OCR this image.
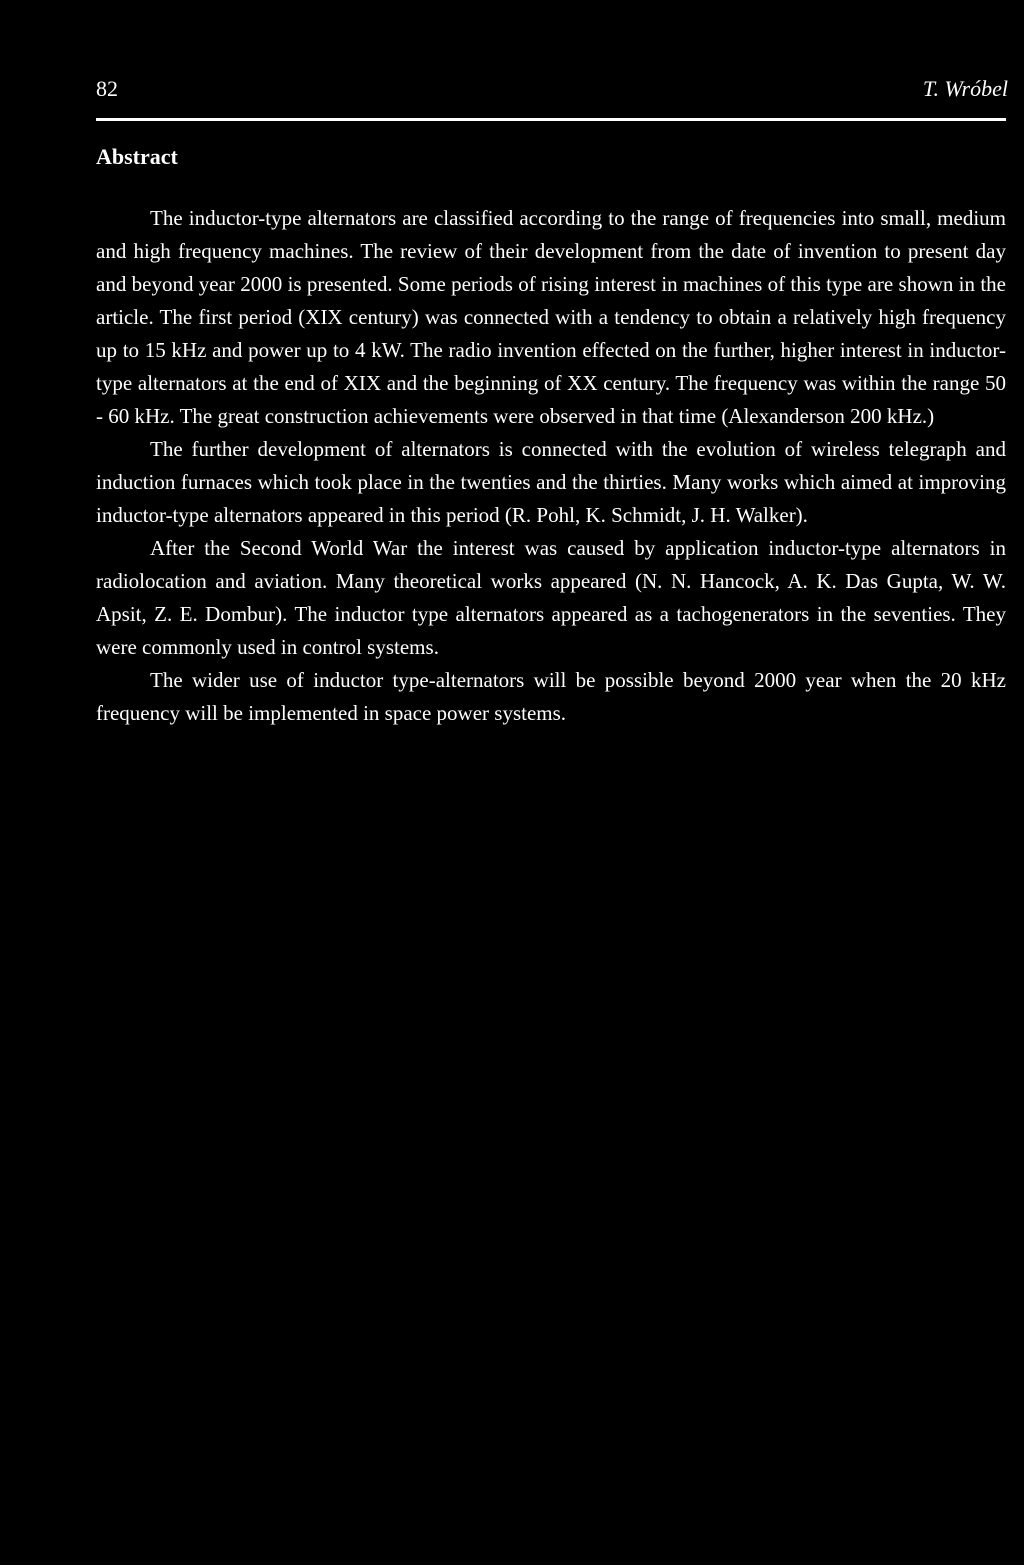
82	T. Wróbel
Abstract

The inductor-type alternators are classified according to the range of frequencies into small, medium and high frequency machines. The review of their development from the date of invention to present day and beyond year 2000 is presented. Some periods of rising interest in machines of this type are shown in the article. The first period (XIX century) was connected with a tendency to obtain a relatively high frequency up to 15 kHz and power up to 4 kW. The radio invention effected on the further, higher interest in inductor-type alternators at the end of XIX and the beginning of XX century. The frequency was within the range 50 - 60 kHz. The great construction achievements were observed in that time (Alexanderson 200 kHz.)

The further development of alternators is connected with the evolution of wireless telegraph and induction furnaces which took place in the twenties and the thirties. Many works which aimed at improving inductor-type alternators appeared in this period (R. Pohl, K. Schmidt, J. H. Walker).

After the Second World War the interest was caused by application inductor-type alternators in radiolocation and aviation. Many theoretical works appeared (N. N. Hancock, A. K. Das Gupta, W. W. Apsit, Z. E. Dombur). The inductor type alternators appeared as a tachogenerators in the seventies. They were commonly used in control systems.

The wider use of inductor type-alternators will be possible beyond 2000 year when the 20 kHz frequency will be implemented in space power systems.
